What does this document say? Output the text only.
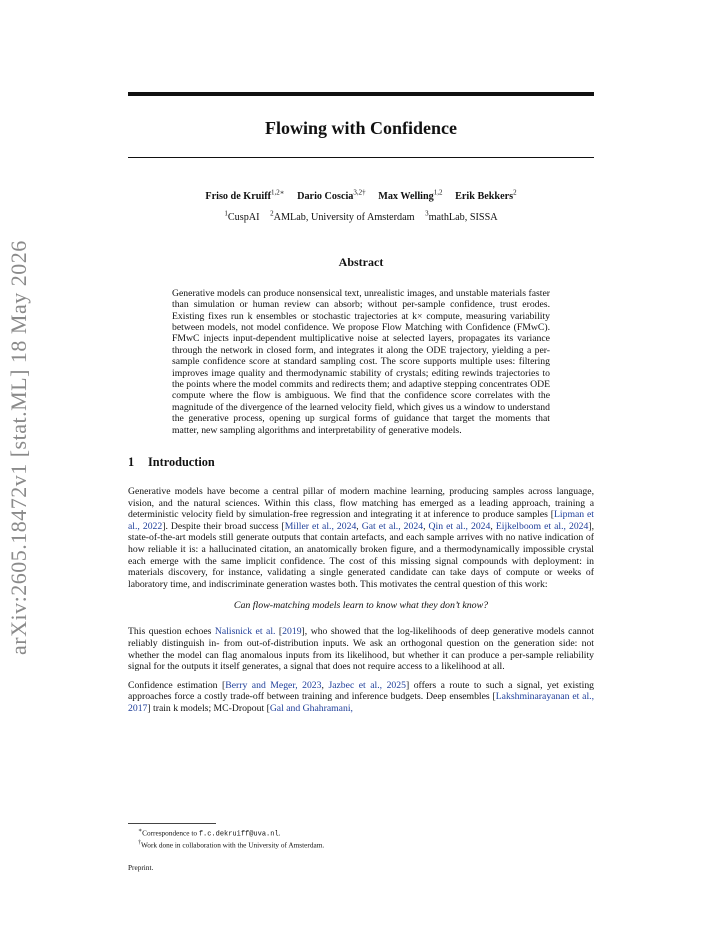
arXiv:2605.18472v1 [stat.ML] 18 May 2026
Flowing with Confidence
Friso de Kruiff$^{1,2∗}$ Dario Coscia$^{3,2\dagger}$ Max Welling$^{1,2}$ Erik Bekkers$^2$
$^1$CuspAI $^2$AMLab, University of Amsterdam $^3$mathLab, SISSA
Abstract
Generative models can produce nonsensical text, unrealistic images, and unstable materials faster than simulation or human review can absorb; without per-sample confidence, trust erodes. Existing fixes run k ensembles or stochastic trajectories at k× compute, measuring variability between models, not model confidence. We propose Flow Matching with Confidence (FMwC). FMwC injects input-dependent multiplicative noise at selected layers, propagates its variance through the network in closed form, and integrates it along the ODE trajectory, yielding a per-sample confidence score at standard sampling cost. The score supports multiple uses: filtering improves image quality and thermodynamic stability of crystals; editing rewinds trajectories to the points where the model commits and redirects them; and adaptive stepping concentrates ODE compute where the flow is ambiguous. We find that the confidence score correlates with the magnitude of the divergence of the learned velocity field, which gives us a window to understand the generative process, opening up surgical forms of guidance that target the moments that matter, new sampling algorithms and interpretability of generative models.
1 Introduction

Generative models have become a central pillar of modern machine learning, producing samples across language, vision, and the natural sciences. Within this class, flow matching has emerged as a leading approach, training a deterministic velocity field by simulation-free regression and integrating it at inference to produce samples [Lipman et al., 2022]. Despite their broad success [Miller et al., 2024, Gat et al., 2024, Qin et al., 2024, Eijkelboom et al., 2024], state-of-the-art models still generate outputs that contain artefacts, and each sample arrives with no native indication of how reliable it is: a hallucinated citation, an anatomically broken figure, and a thermodynamically impossible crystal each emerge with the same implicit confidence. The cost of this missing signal compounds with deployment: in materials discovery, for instance, validating a single generated candidate can take days of compute or weeks of laboratory time, and indiscriminate generation wastes both. This motivates the central question of this work:

Can flow-matching models learn to know what they don’t know?

This question echoes Nalisnick et al. [2019], who showed that the log-likelihoods of deep generative models cannot reliably distinguish in- from out-of-distribution inputs. We ask an orthogonal question on the generation side: not whether the model can flag anomalous inputs from its likelihood, but whether it can produce a per-sample reliability signal for the outputs it itself generates, a signal that does not require access to a likelihood at all.

Confidence estimation [Berry and Meger, 2023, Jazbec et al., 2025] offers a route to such a signal, yet existing approaches force a costly trade-off between training and inference budgets. Deep ensembles [Lakshminarayanan et al., 2017] train k models; MC-Dropout [Gal and Ghahramani,

∗Correspondence to f.c.dekruiff@uva.nl.
†Work done in collaboration with the University of Amsterdam.
Preprint.
